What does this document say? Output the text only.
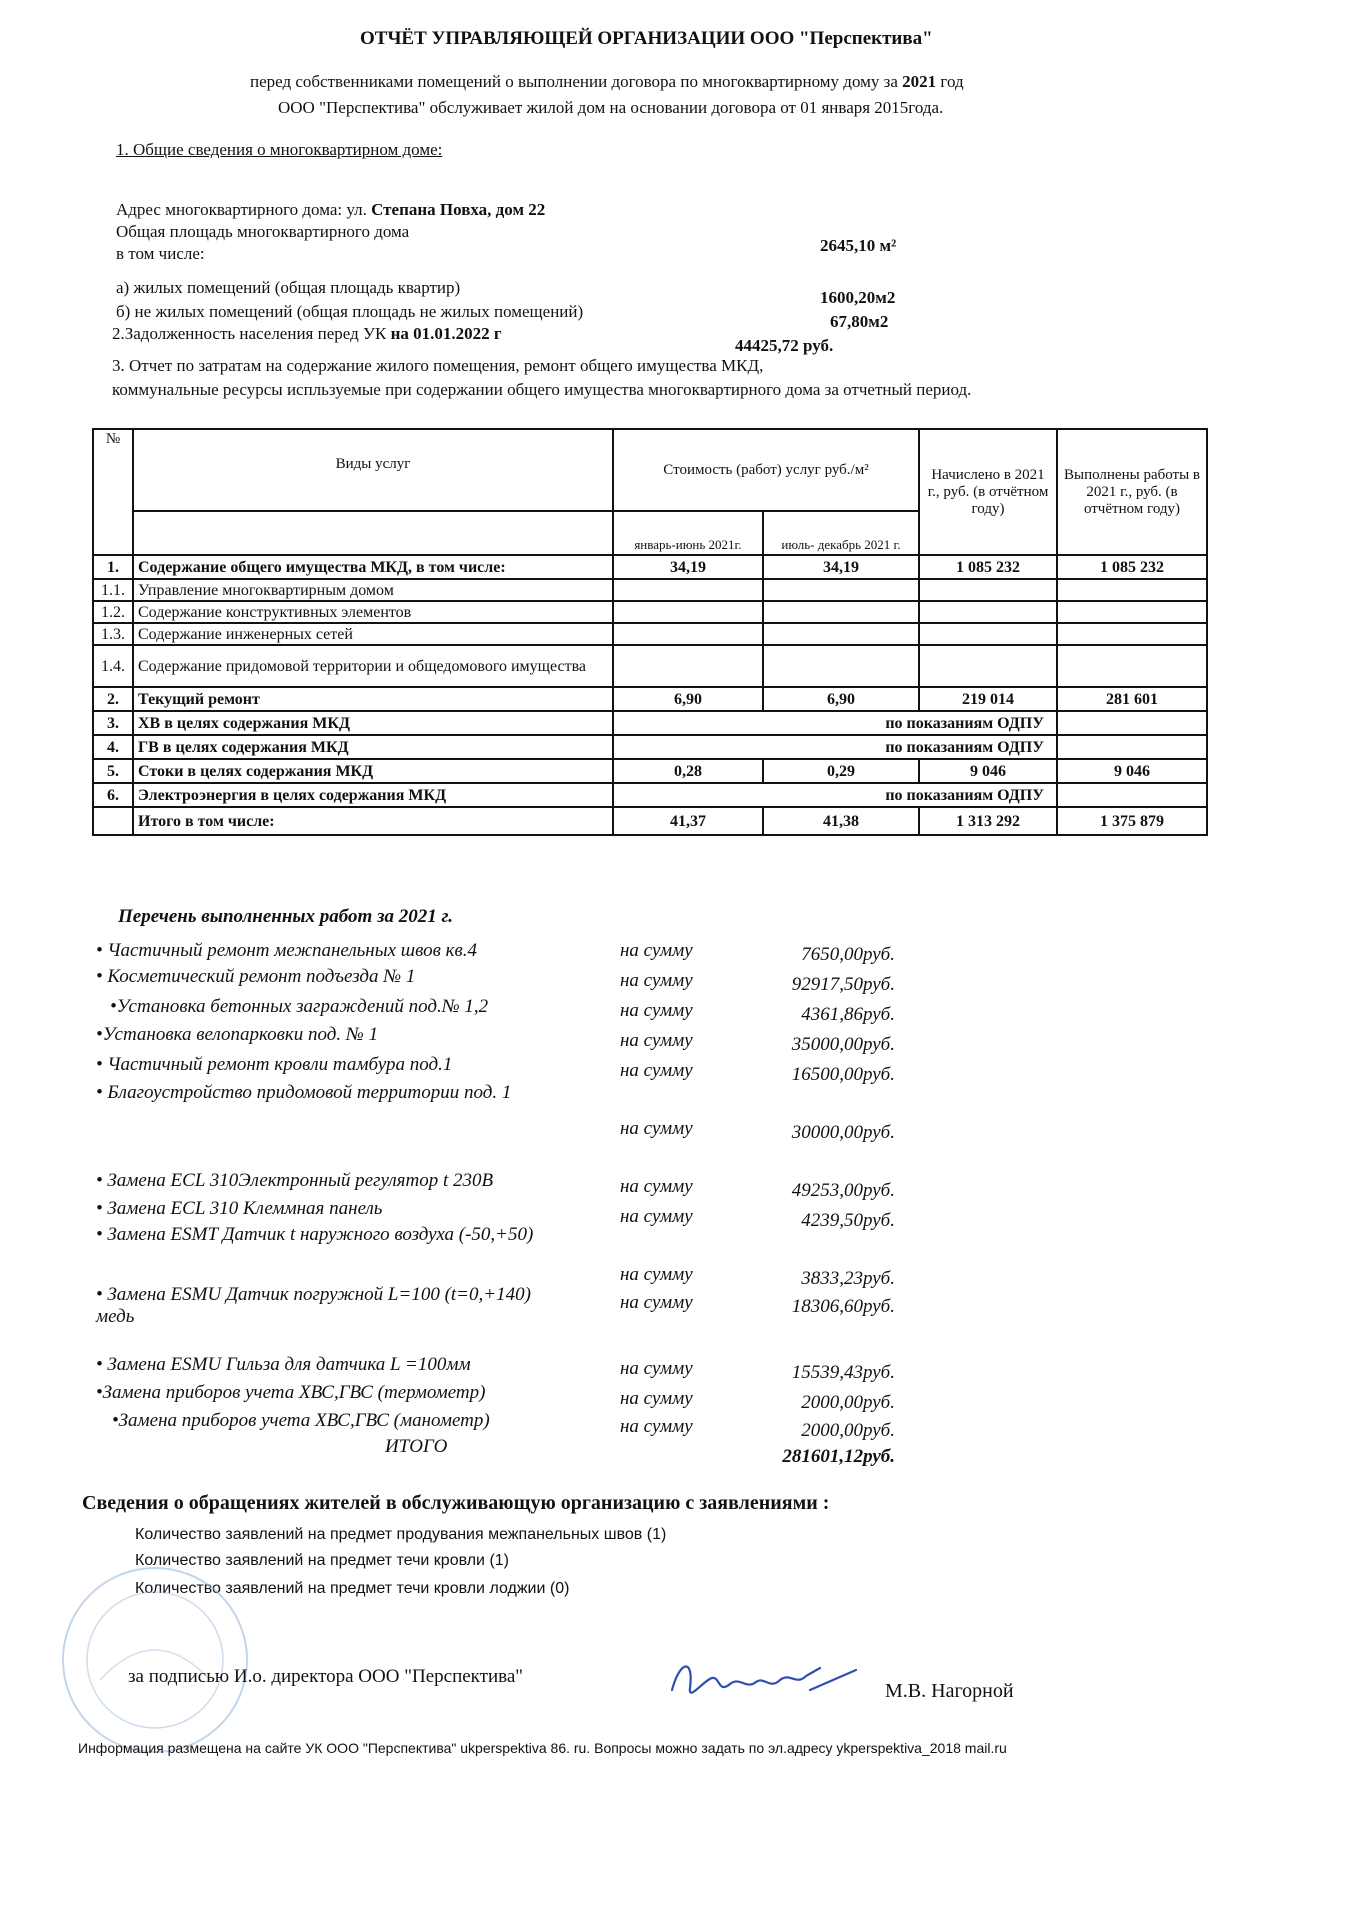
ОТЧЁТ УПРАВЛЯЮЩЕЙ ОРГАНИЗАЦИИ ООО "Перспектива"
перед собственниками помещений о выполнении договора по многоквартирному дому за 2021 год
ООО "Перспектива" обслуживает жилой дом на основании договора от 01 января 2015года.
1. Общие сведения о многоквартирном доме:
Адрес многоквартирного дома: ул. Степана Повха, дом 22
Общая площадь многоквартирного дома
в том числе:	2645,10 м²
а) жилых помещений (общая площадь квартир)
1600,20м2
б) не жилых помещений (общая площадь не жилых помещений)
67,80м2
2.Задолженность населения перед УК на 01.01.2022 г
44425,72 руб.
3. Отчет по затратам на содержание жилого помещения, ремонт общего имущества МКД,
коммунальные ресурсы испльзуемые при содержании общего имущества многоквартирного дома за отчетный период.
№	Виды услуг	Стоимость (работ) услуг руб./м²		Начислено в 2021 г., руб. (в отчётном году)	Выполнены работы в 2021 г., руб. (в отчётном году)
		январь-июнь 2021г.	июль- декабрь 2021 г.		
1.	Содержание общего имущества МКД, в том числе:	34,19	34,19	1 085 232	1 085 232
1.1.	Управление многоквартирным домом				
1.2.	Содержание конструктивных элементов				
1.3.	Содержание инженерных сетей				
1.4.	Содержание придомовой территории и общедомового имущества				
2.	Текущий ремонт	6,90	6,90	219 014	281 601
3.	ХВ в целях содержания МКД	по показаниям ОДПУ			
4.	ГВ в целях содержания МКД	по показаниям ОДПУ			
5.	Стоки в целях содержания МКД	0,28	0,29	9 046	9 046
6.	Электроэнергия в целях содержания МКД	по показаниям ОДПУ			
	Итого в том числе:	41,37	41,38	1 313 292	1 375 879
Перечень выполненных работ за 2021 г.
• Частичный ремонт межпанельных швов кв.4	на сумму	7650,00руб.
• Косметический ремонт подъезда № 1	на сумму	92917,50руб.
•Установка бетонных заграждений под.№ 1,2	на сумму	4361,86руб.
•Установка велопарковки под. № 1	на сумму	35000,00руб.
• Частичный ремонт кровли тамбура под.1	на сумму	16500,00руб.
• Благоустройство придомовой территории под. 1
на сумму	30000,00руб.
• Замена ECL 310Электронный регулятор t 230B	на сумму	49253,00руб.
• Замена ECL 310 Клеммная панель	на сумму	4239,50руб.
• Замена ESMT Датчик t наружного воздуха (-50,+50)
на сумму	3833,23руб.
• Замена ESMU Датчик погружной L=100 (t=0,+140) медь
на сумму	18306,60руб.
• Замена ESMU Гильза для датчика L =100мм	на сумму	15539,43руб.
•Замена приборов учета ХВС,ГВС (термометр)	на сумму	2000,00руб.
•Замена приборов учета ХВС,ГВС (манометр)	на сумму	2000,00руб.
ИТОГО	281601,12руб.
Сведения о обращениях жителей в обслуживающую организацию с заявлениями :
Количество заявлений на предмет продувания межпанельных швов (1)
Количество заявлений на предмет течи кровли (1)
Количество заявлений на предмет течи кровли лоджии (0)
за подписью И.о. директора ООО "Перспектива"
М.В. Нагорной
Информация размещена на сайте УК ООО "Перспектива" ukperspektiva 86. ru. Вопросы можно задать по эл.адресу ykperspektiva_2018 mail.ru
